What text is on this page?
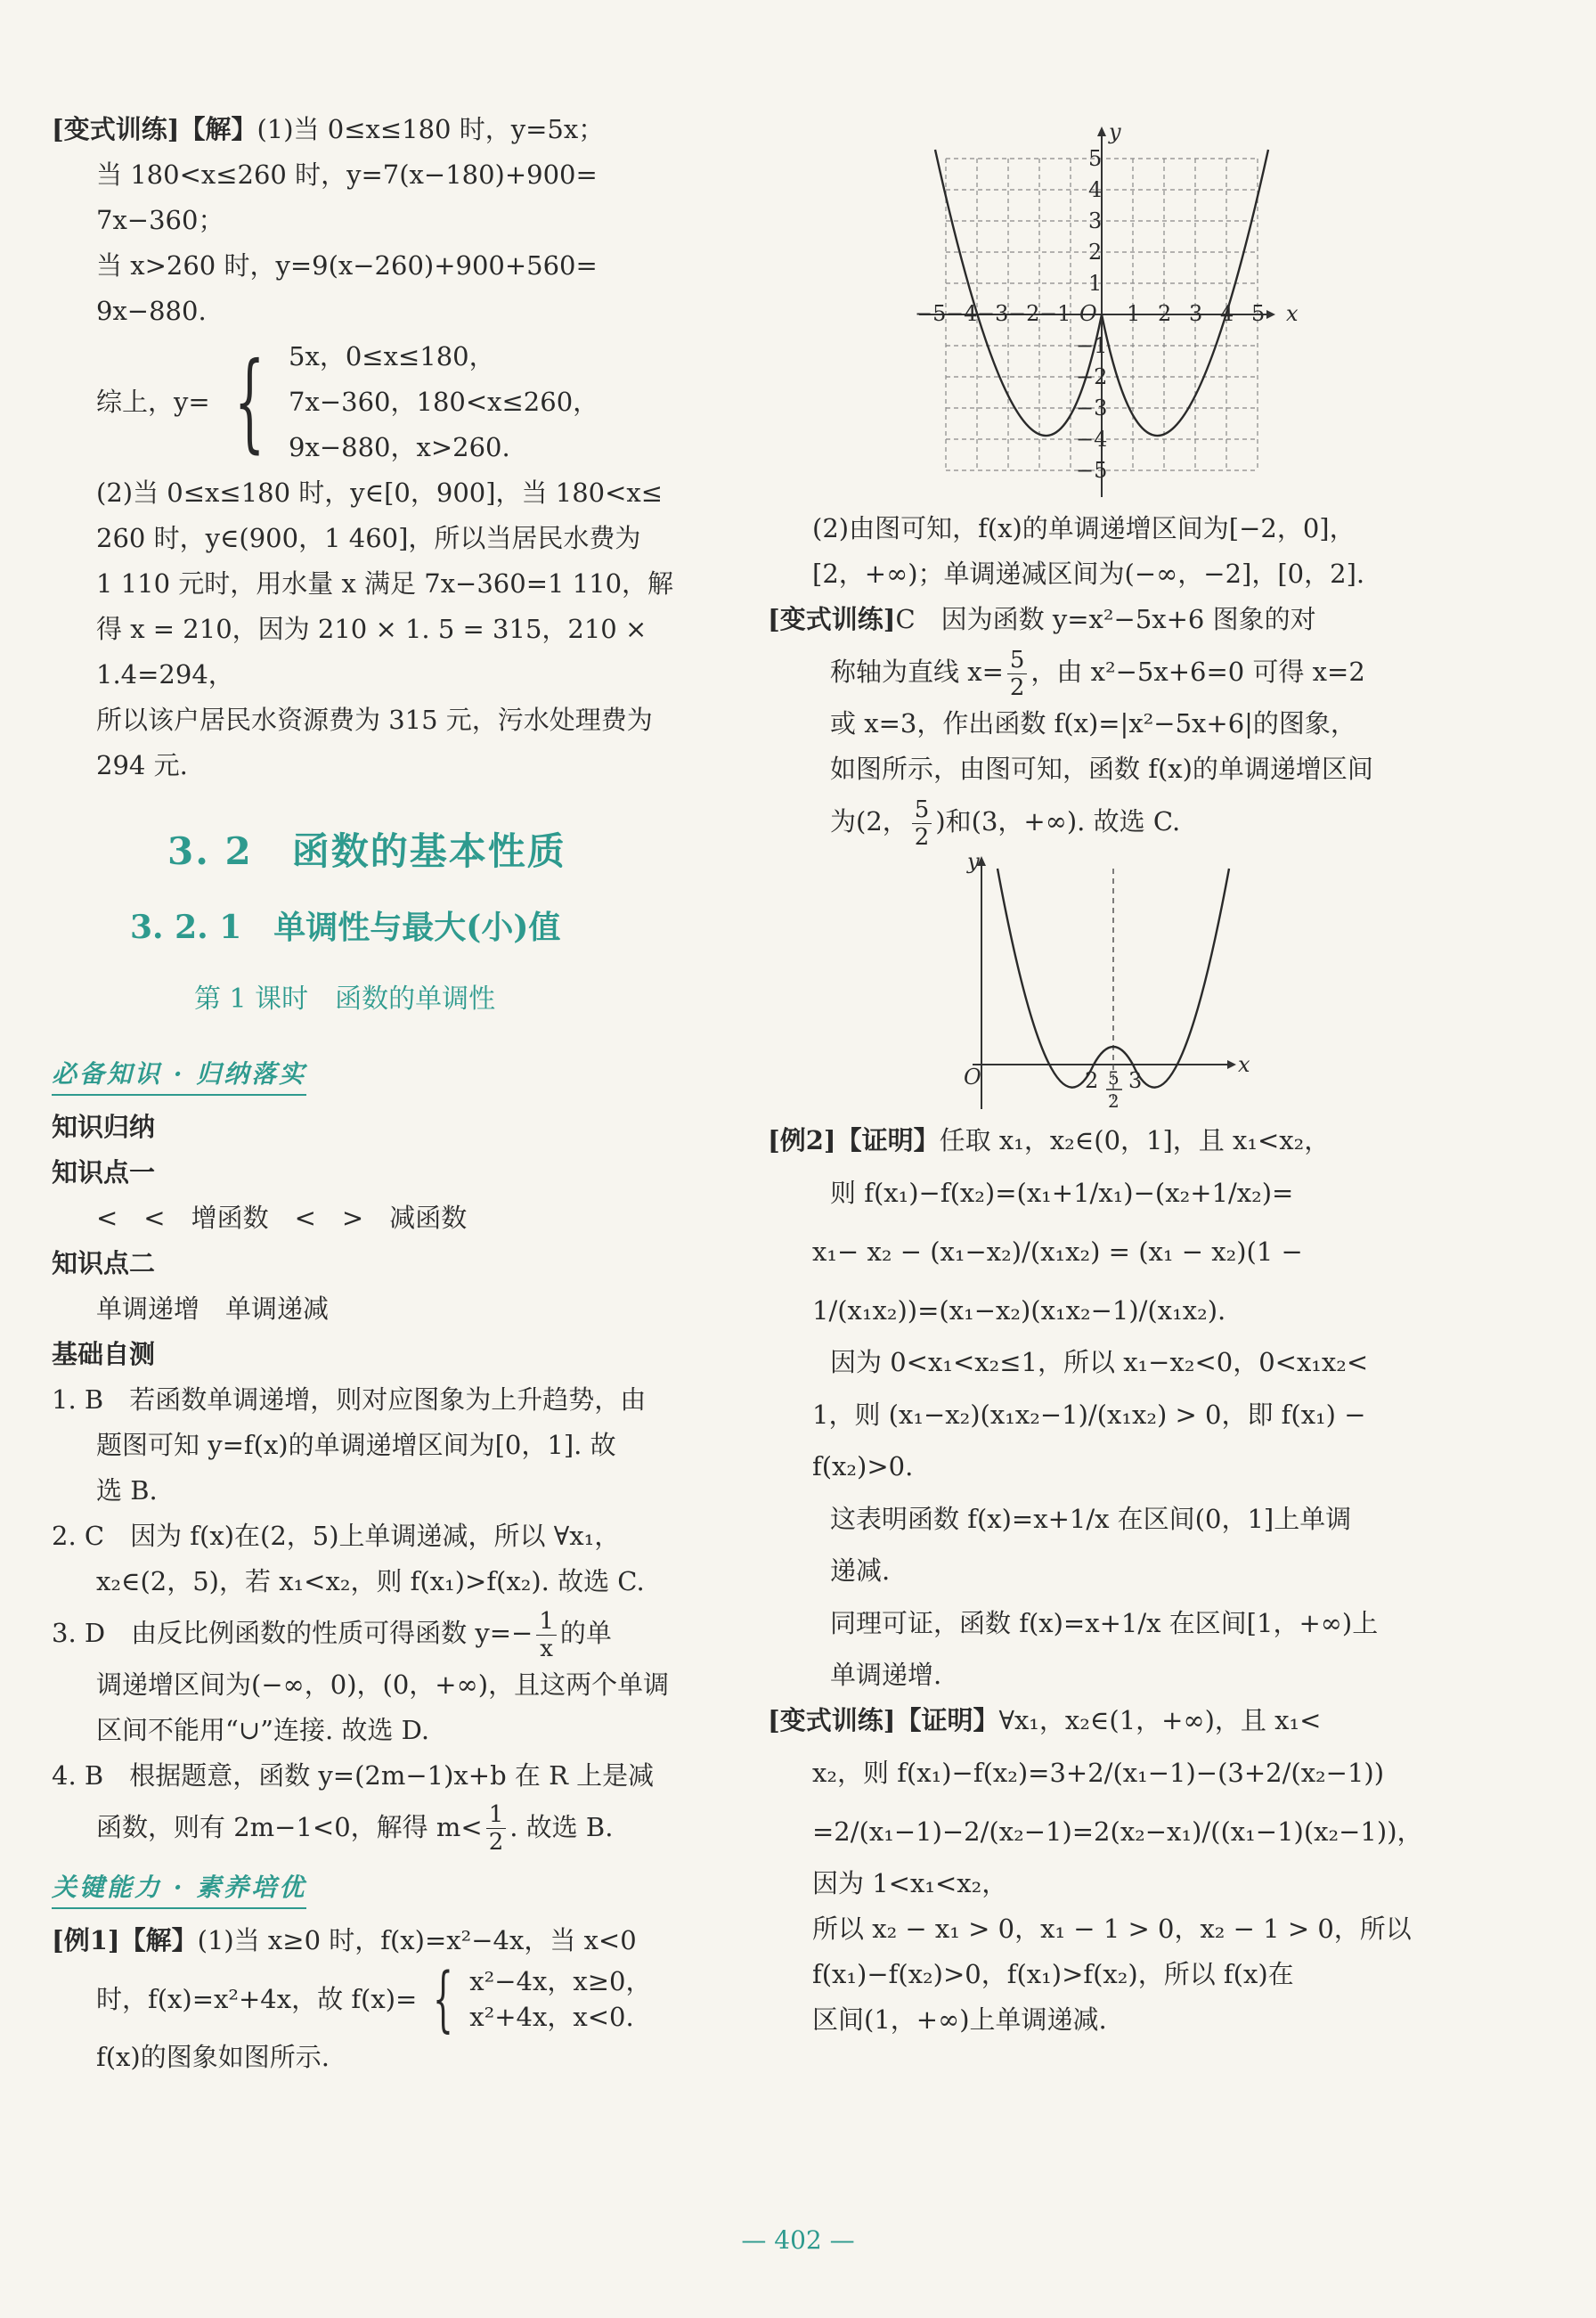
[变式训练]【解】(1)当 0≤x≤180 时，y=5x；
当 180<x≤260 时，y=7(x−180)+900=
7x−360；
当 x>260 时，y=9(x−260)+900+560=
9x−880.
综上，y= { 5x，0≤x≤180，
7x−360，180<x≤260，
9x−880，x>260.
(2)当 0≤x≤180 时，y∈[0，900]，当 180<x≤
260 时，y∈(900，1 460]，所以当居民水费为
1 110 元时，用水量 x 满足 7x−360=1 110，解
得 x = 210，因为 210 × 1. 5 = 315，210 ×
1.4=294，
所以该户居民水资源费为 315 元，污水处理费为
294 元.
3. 2　函数的基本性质
3. 2. 1　单调性与最大(小)值
第 1 课时　函数的单调性
必备知识 · 归纳落实
知识归纳
知识点一
<　<　增函数　<　>　减函数
知识点二
单调递增　单调递减
基础自测
1. B　若函数单调递增，则对应图象为上升趋势，由
题图可知 y=f(x)的单调递增区间为[0，1]. 故
选 B.
2. C　因为 f(x)在(2，5)上单调递减，所以 ∀x₁，
x₂∈(2，5)，若 x₁<x₂，则 f(x₁)>f(x₂). 故选 C.
3. D　由反比例函数的性质可得函数 $y=- \frac{1}{x}$ 的单
调递增区间为(−∞，0)，(0，+∞)，且这两个单调
区间不能用“∪”连接. 故选 D.
4. B　根据题意，函数 y=(2m−1)x+b 在 R 上是减
函数，则有 2m−1<0，解得 $m< \frac{1}{2}$ . 故选 B.
关键能力 · 素养培优
[例1]【解】(1)当 x≥0 时，f(x)=x²−4x，当 x<0
时，f(x)=x²+4x，故 f(x)= { x²−4x，x≥0，
x²+4x，x<0.
f(x)的图象如图所示.
x
y
O
−5 −4 −3 −2 −1	1 2 3 4 5
5
4
3
2
1
−1
−2
−3
−4
−5
(2)由图可知，f(x)的单调递增区间为[−2，0]，
[2，+∞)；单调递减区间为(−∞，−2]，[0，2].
[变式训练]C　因为函数 y=x²−5x+6 图象的对
称轴为直线 $x= \frac{5}{2}$ ，由 x²−5x+6=0 可得 x=2
或 x=3，作出函数 f(x)=|x²−5x+6|的图象，
如图所示，由图可知，函数 f(x)的单调递增区间
为(2， $\frac{5}{2}$ )和(3，+∞). 故选 C.
x
y
O	2 5
2
3
[例2]【证明】任取 x₁，x₂∈(0，1]，且 x₁<x₂，
则 f(x₁)−f(x₂)=(x₁+1/x₁)−(x₂+1/x₂)=
x₁− x₂ − (x₁−x₂)/(x₁x₂) = (x₁ − x₂)(1 −
1/(x₁x₂))=(x₁−x₂)(x₁x₂−1)/(x₁x₂).
因为 0<x₁<x₂≤1，所以 x₁−x₂<0，0<x₁x₂<
1，则 (x₁−x₂)(x₁x₂−1)/(x₁x₂) > 0，即 f(x₁) −
f(x₂)>0.
这表明函数 f(x)=x+1/x 在区间(0，1]上单调
递减.
同理可证，函数 f(x)=x+1/x 在区间[1，+∞)上
单调递增.
[变式训练]【证明】∀x₁，x₂∈(1，+∞)，且 x₁<
x₂，则 f(x₁)−f(x₂)=3+2/(x₁−1)−(3+2/(x₂−1))
=2/(x₁−1)−2/(x₂−1)=2(x₂−x₁)/((x₁−1)(x₂−1))，
因为 1<x₁<x₂，
所以 x₂ − x₁ > 0，x₁ − 1 > 0，x₂ − 1 > 0，所以
f(x₁)−f(x₂)>0，f(x₁)>f(x₂)，所以 f(x)在
区间(1，+∞)上单调递减.
— 402 —
